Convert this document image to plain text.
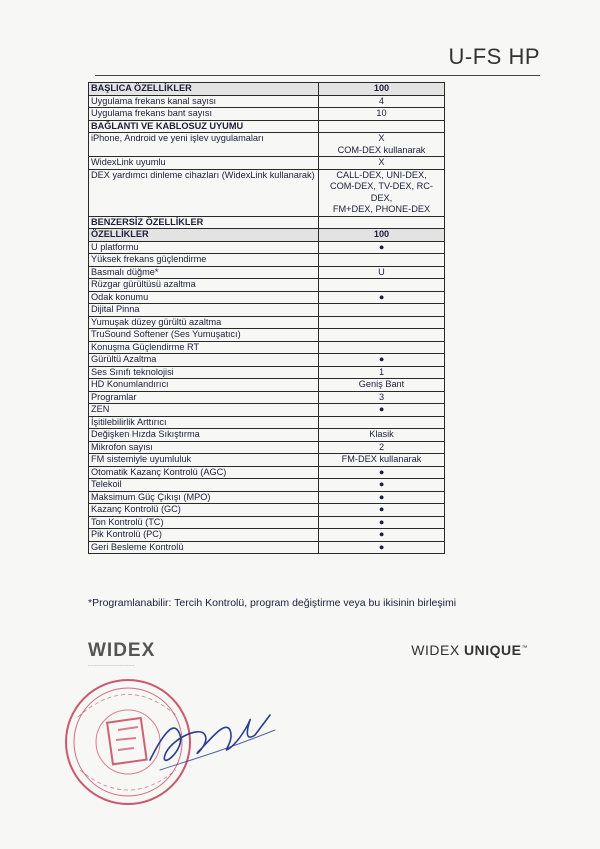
U-FS HP
BAŞLICA ÖZELLİKLER	100
Uygulama frekans kanal sayısı	4
Uygulama frekans bant sayısı	10
BAĞLANTI VE KABLOSUZ UYUMU	
iPhone, Android ve yeni işlev uygulamaları	X
COM-DEX kullanarak
WidexLink uyumlu	X
DEX yardımcı dinleme cihazları (WidexLink kullanarak)	CALL-DEX, UNI-DEX,
COM-DEX, TV-DEX, RC-DEX,
FM+DEX, PHONE-DEX
BENZERSİZ ÖZELLİKLER	
ÖZELLİKLER	100
U platformu	●
Yüksek frekans güçlendirme	
Basmalı düğme*	U
Rüzgar gürültüsü azaltma	
Odak konumu	●
Dijital Pinna	
Yumuşak düzey gürültü azaltma	
TruSound Softener (Ses Yumuşatıcı)	
Konuşma Güçlendirme RT	
Gürültü Azaltma	●
Ses Sınıfı teknolojisi	1
HD Konumlandırıcı	Geniş Bant
Programlar	3
ZEN	●
İşitilebilirlik Arttırıcı	
Değişken Hızda Sıkıştırma	Klasik
Mikrofon sayısı	2
FM sistemiyle uyumluluk	FM-DEX kullanarak
Otomatik Kazanç Kontrolü (AGC)	●
Telekoil	●
Maksimum Güç Çıkışı (MPO)	●
Kazanç Kontrolü (GC)	●
Ton Kontrolü (TC)	●
Pik Kontrolü (PC)	●
Geri Besleme Kontrolü	●
*Programlanabilir: Tercih Kontrolü, program değiştirme veya bu ikisinin birleşimi
WIDEX
────────────────
WIDEX UNIQUE™
